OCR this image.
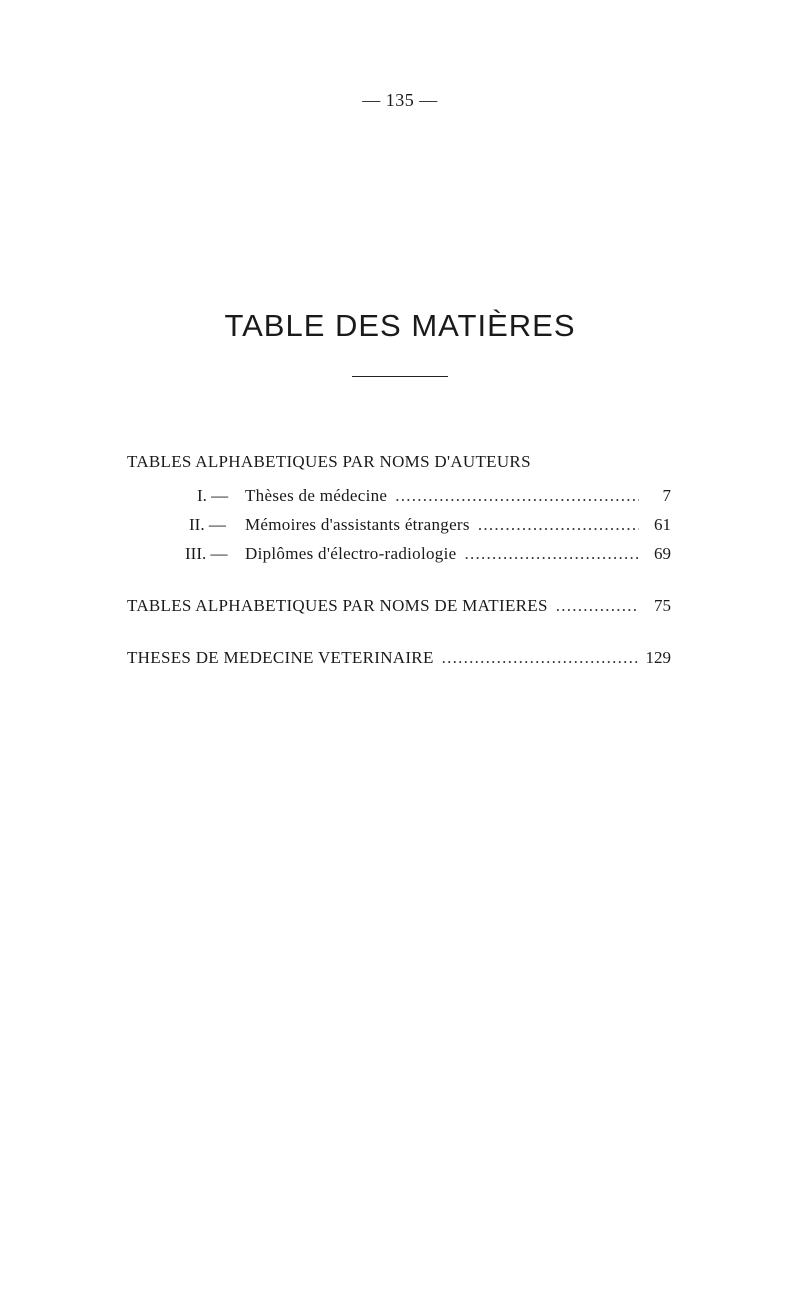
— 135 —
TABLE DES MATIÈRES
TABLES ALPHABETIQUES PAR NOMS D'AUTEURS
I. — Thèses de médecine . . .	7
II. —	Mémoires d'assistants étrangers . . .	61
III. —	Diplômes d'électro-radiologie . . .	69
TABLES ALPHABETIQUES PAR NOMS DE MATIERES . . .	75
THESES DE MEDECINE VETERINAIRE . . .	129
